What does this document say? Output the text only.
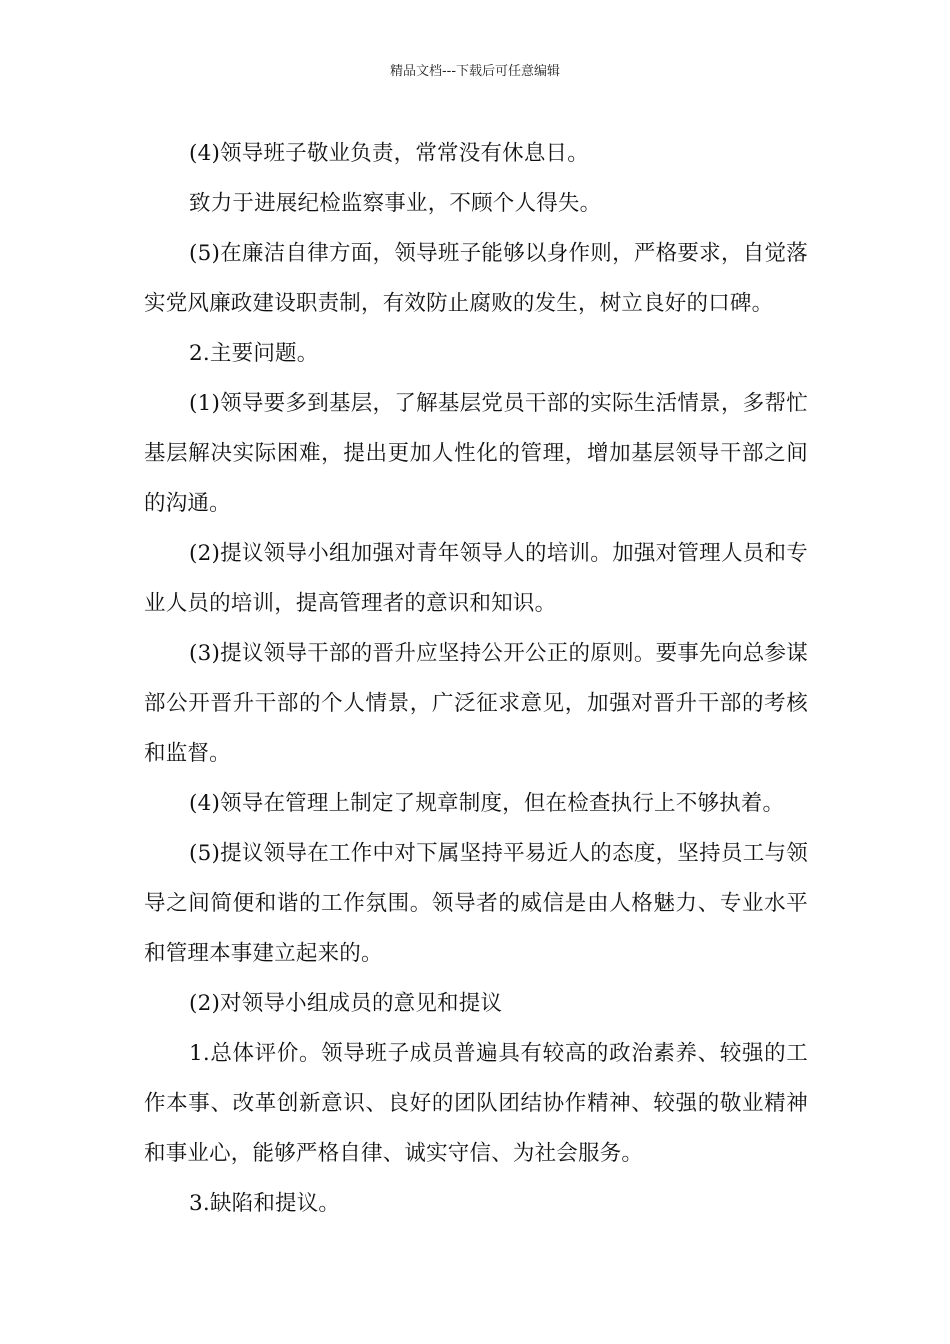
精品文档---下载后可任意编辑

(4)领导班子敬业负责，常常没有休息日。

致力于进展纪检监察事业，不顾个人得失。

(5)在廉洁自律方面，领导班子能够以身作则，严格要求，自觉落实党风廉政建设职责制，有效防止腐败的发生，树立良好的口碑。

2.主要问题。

(1)领导要多到基层，了解基层党员干部的实际生活情景，多帮忙基层解决实际困难，提出更加人性化的管理，增加基层领导干部之间的沟通。

(2)提议领导小组加强对青年领导人的培训。加强对管理人员和专业人员的培训，提高管理者的意识和知识。

(3)提议领导干部的晋升应坚持公开公正的原则。要事先向总参谋部公开晋升干部的个人情景，广泛征求意见，加强对晋升干部的考核和监督。

(4)领导在管理上制定了规章制度，但在检查执行上不够执着。

(5)提议领导在工作中对下属坚持平易近人的态度，坚持员工与领导之间简便和谐的工作氛围。领导者的威信是由人格魅力、专业水平和管理本事建立起来的。

(2)对领导小组成员的意见和提议

1.总体评价。领导班子成员普遍具有较高的政治素养、较强的工作本事、改革创新意识、良好的团队团结协作精神、较强的敬业精神和事业心，能够严格自律、诚实守信、为社会服务。

3.缺陷和提议。
